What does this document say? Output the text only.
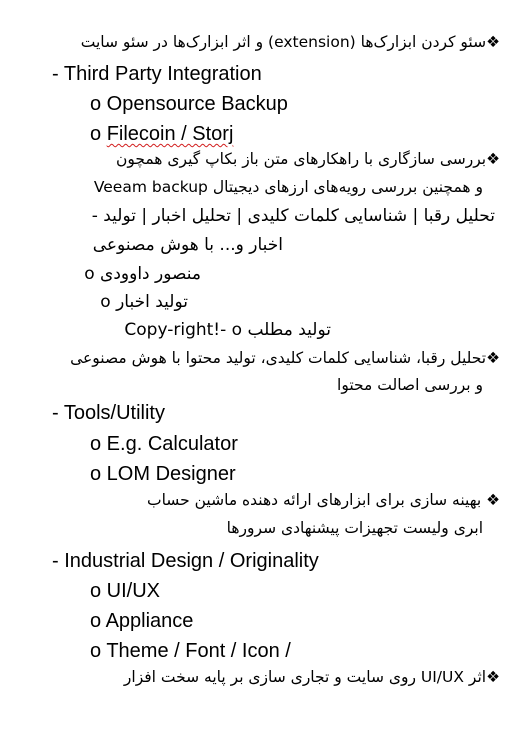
❖سئو کردن ابزارک‌ها (extension) و اثر ابزارک‌ها در سئو سایت
- Third Party Integration
o Opensource Backup
o Filecoin / Storj
❖بررسی سازگاری با راهکارهای متن باز بکاپ گیری همچون
Veeam backup و همچنین بررسی رویه‌های ارزهای دیجیتال
تحلیل رقبا | شناسایی کلمات کلیدی | تحلیل اخبار | تولید -
اخبار و... با هوش مصنوعی
منصور داوودی o
تولید اخبار o
تولید مطلب Copy-right!- o
❖تحلیل رقبا، شناسایی کلمات کلیدی، تولید محتوا با هوش مصنوعی
و بررسی اصالت محتوا
- Tools/Utility
o E.g. Calculator
o LOM Designer
❖ بهینه سازی برای ابزارهای ارائه دهنده ماشین حساب
ابری ولیست تجهیزات پیشنهادی سرورها
- Industrial Design / Originality
o UI/UX
o Appliance
o Theme / Font / Icon /
❖اثر UI/UX روی سایت و تجاری سازی بر پایه سخت افزار
